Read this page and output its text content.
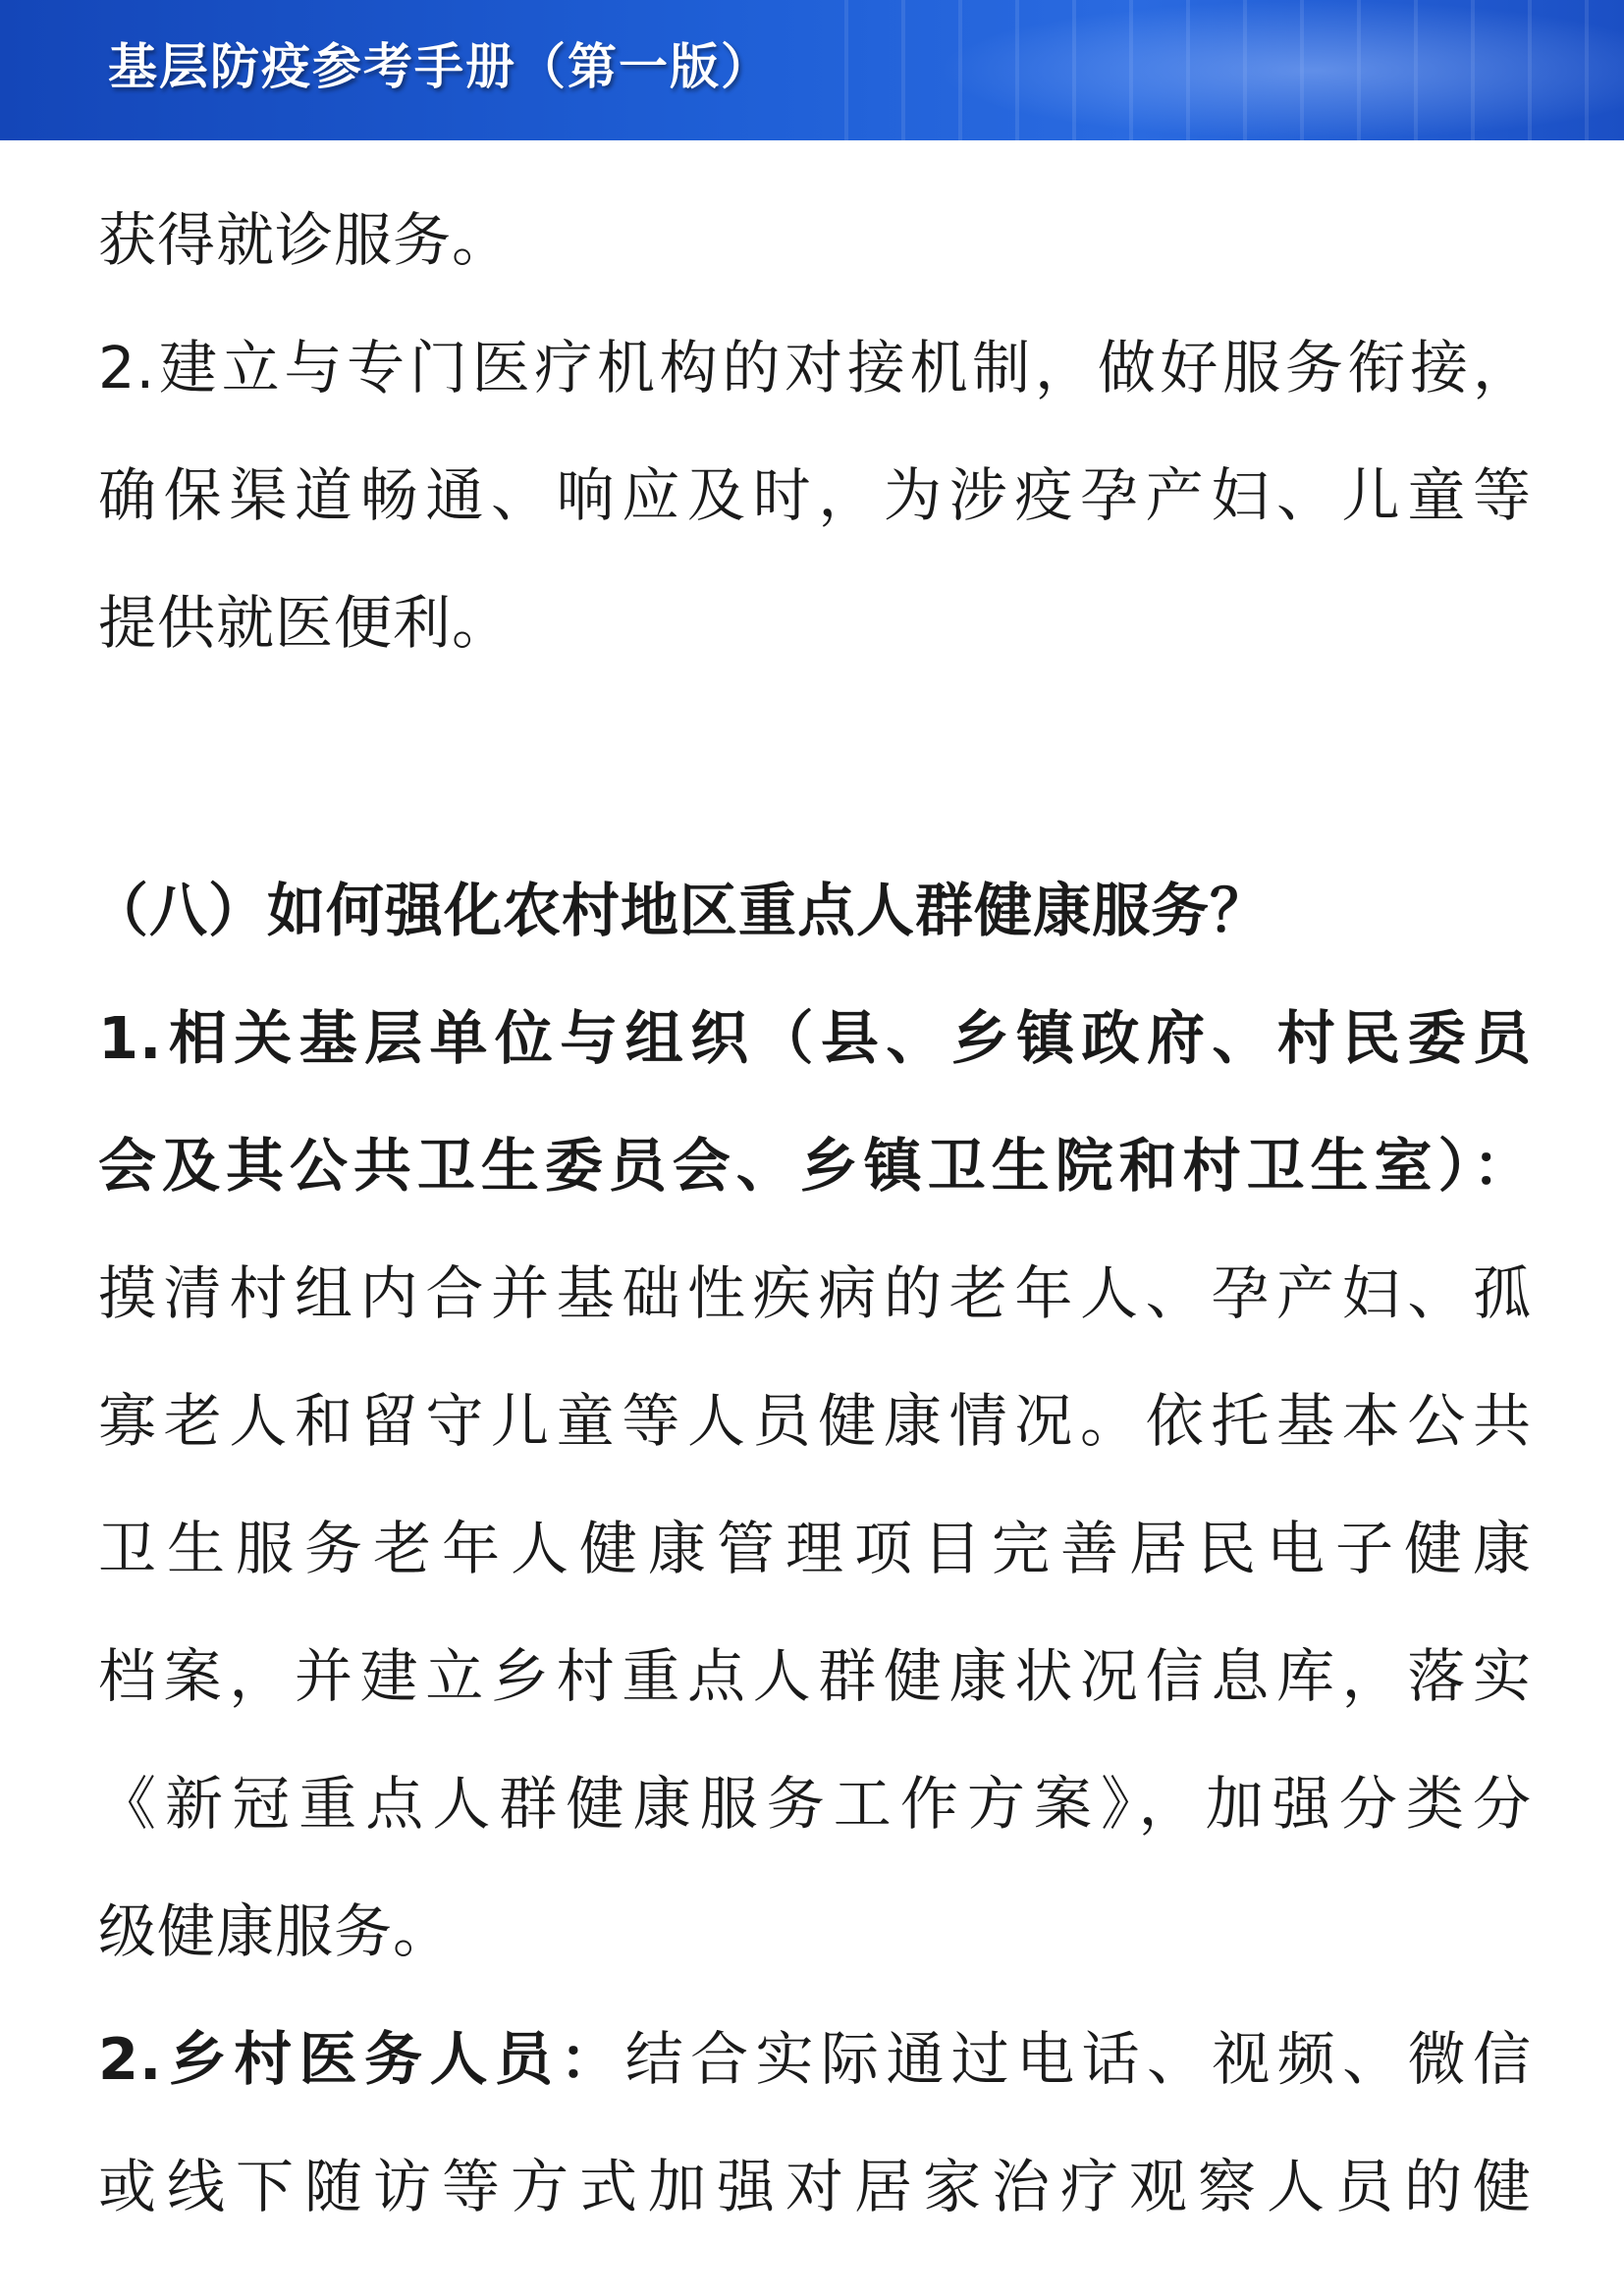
基层防疫参考手册（第一版）
获得就诊服务。
2.建立与专门医疗机构的对接机制，做好服务衔接，
确保渠道畅通、响应及时，为涉疫孕产妇、儿童等
提供就医便利。
（八）如何强化农村地区重点人群健康服务？
1.相关基层单位与组织（县、乡镇政府、村民委员
会及其公共卫生委员会、乡镇卫生院和村卫生室）：
摸清村组内合并基础性疾病的老年人、孕产妇、孤
寡老人和留守儿童等人员健康情况。依托基本公共
卫生服务老年人健康管理项目完善居民电子健康
档案，并建立乡村重点人群健康状况信息库，落实
《新冠重点人群健康服务工作方案》，加强分类分
级健康服务。
2.乡村医务人员：结合实际通过电话、视频、微信
或线下随访等方式加强对居家治疗观察人员的健
